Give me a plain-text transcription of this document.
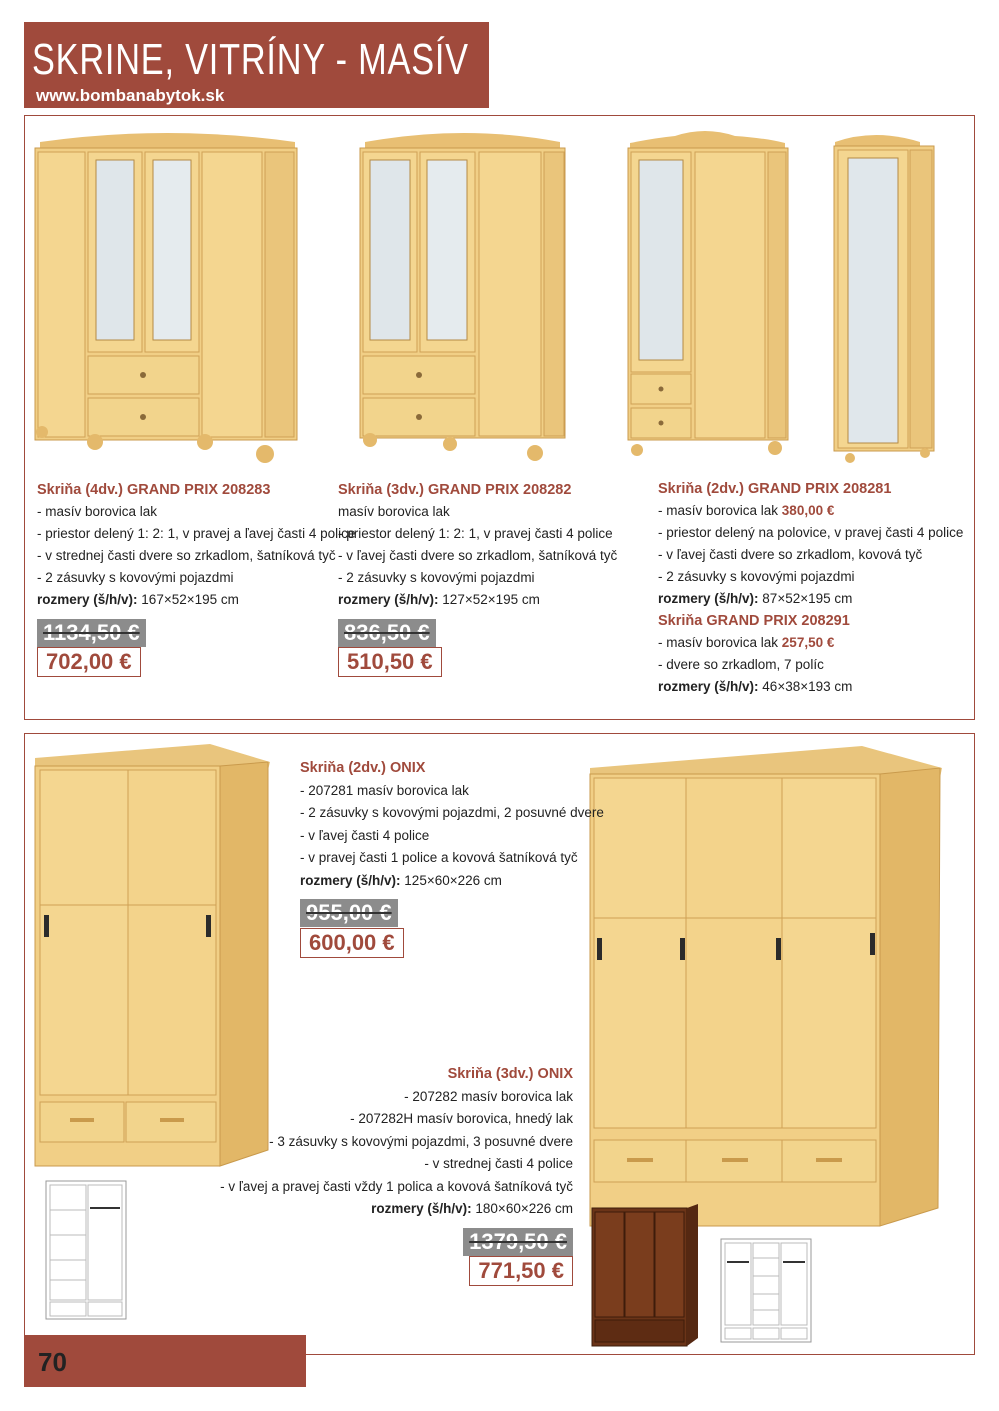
SKRINE, VITRÍNY - MASÍV
www.bombanabytok.sk
Skriňa (4dv.) GRAND PRIX 208283
- masív borovica lak
- priestor delený 1: 2: 1, v pravej a ľavej časti 4 police
- v strednej časti dvere so zrkadlom, šatníková tyč
- 2 zásuvky s kovovými pojazdmi
rozmery (š/h/v): 167×52×195 cm
1134,50 €
702,00 €
Skriňa (3dv.) GRAND PRIX 208282
masív borovica lak
- priestor delený 1: 2: 1, v pravej časti 4 police
- v ľavej časti dvere so zrkadlom, šatníková tyč
- 2 zásuvky s kovovými pojazdmi
rozmery (š/h/v): 127×52×195 cm
836,50 €
510,50 €
Skriňa (2dv.) GRAND PRIX 208281
- masív borovica lak 380,00 €
- priestor delený na polovice, v pravej časti 4 police
- v ľavej časti dvere so zrkadlom, kovová tyč
- 2 zásuvky s kovovými pojazdmi
rozmery (š/h/v): 87×52×195 cm
Skriňa GRAND PRIX 208291
- masív borovica lak 257,50 €
- dvere so zrkadlom, 7 políc
rozmery (š/h/v): 46×38×193 cm
Skriňa (2dv.) ONIX
- 207281 masív borovica lak
- 2 zásuvky s kovovými pojazdmi, 2 posuvné dvere
- v ľavej časti 4 police
- v pravej časti 1 police a kovová šatníková tyč
rozmery (š/h/v): 125×60×226 cm
955,00 €
600,00 €
Skriňa (3dv.) ONIX
- 207282 masív borovica lak
- 207282H masív borovica, hnedý lak
- 3 zásuvky s kovovými pojazdmi, 3 posuvné dvere
- v strednej časti 4 police
- v ľavej a pravej časti vždy 1 polica a kovová šatníková tyč
rozmery (š/h/v): 180×60×226 cm
1379,50 €
771,50 €
70
